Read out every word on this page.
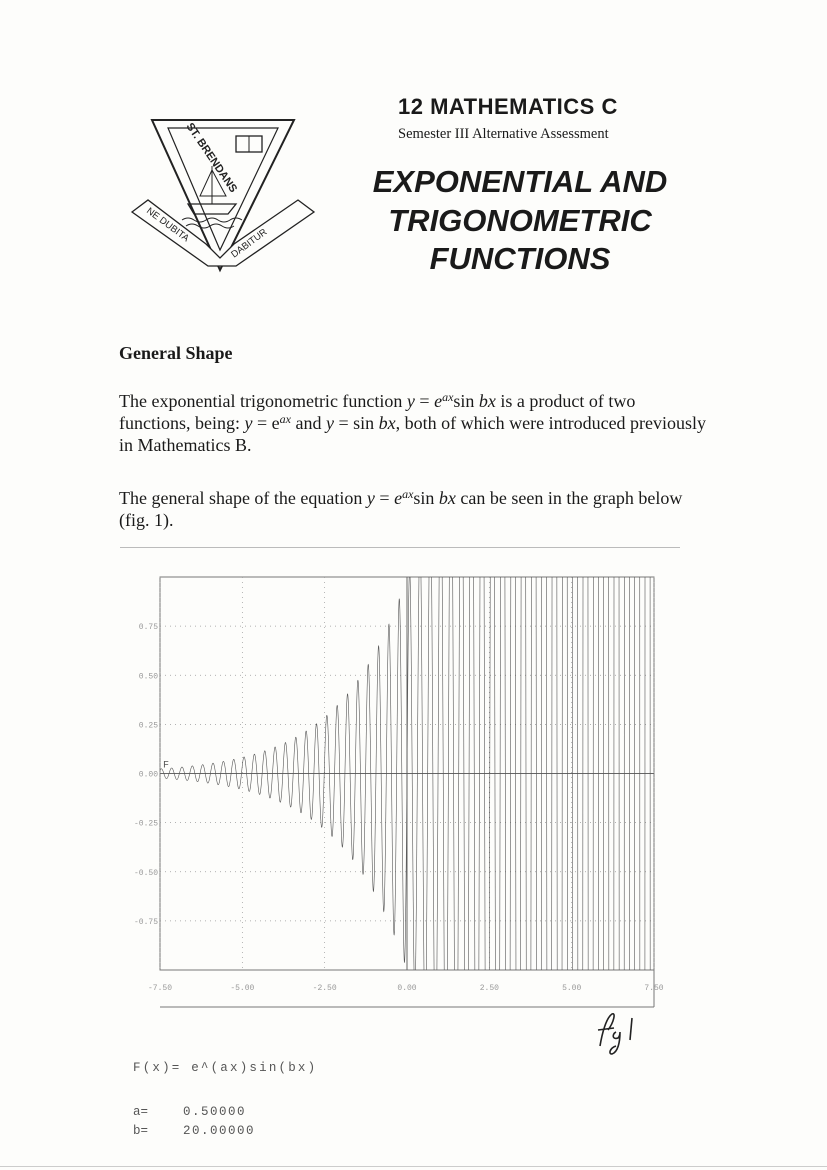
ST. BRENDANS
NE DUBITA
DABITUR
12 MATHEMATICS C
Semester III Alternative Assessment
EXPONENTIAL AND
TRIGONOMETRIC
FUNCTIONS
General Shape
The exponential trigonometric function $y = e^{ax}\sin$ bx is a product of two functions, being: $y = e^{ax}$ and y = sin bx, both of which were introduced previously in Mathematics B.
The general shape of the equation $y = e^{ax}\sin$ bx can be seen in the graph below (fig. 1).
-7.50	-5.00	-2.50	0.00	2.50	5.00	7.50
0.75
0.50
0.25
0.00
-0.25
-0.50
-0.75
F
F(x)= e^(ax)sin(bx)
a=	0.50000
b=	20.00000
